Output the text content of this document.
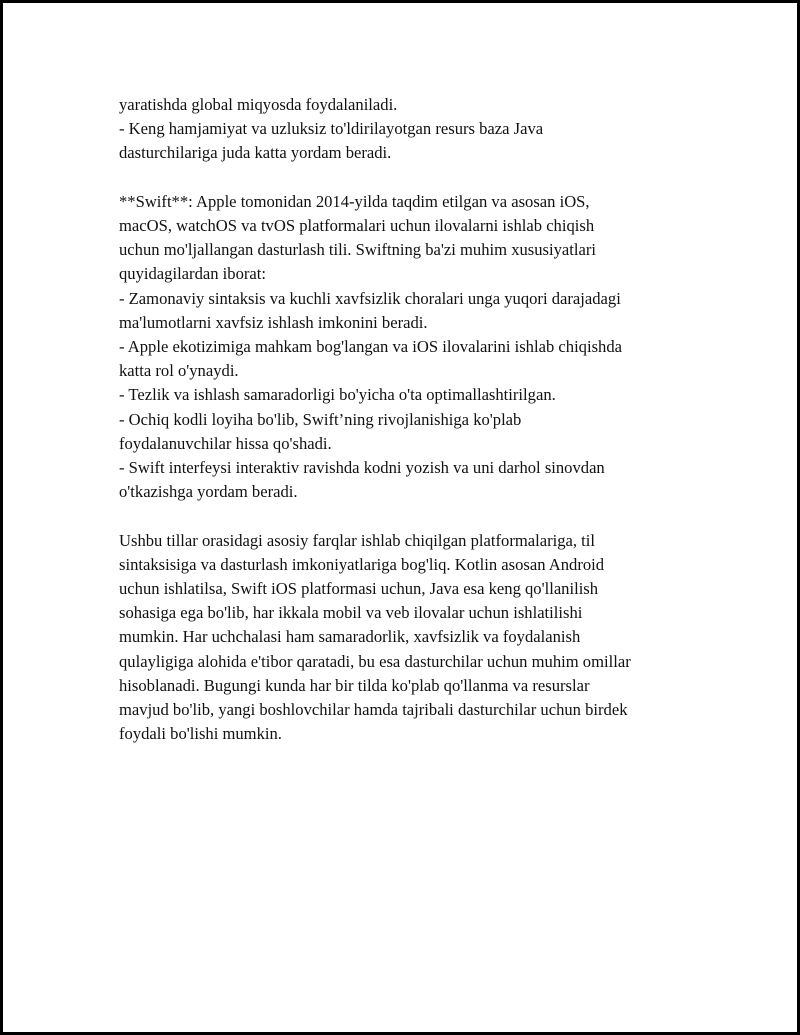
yaratishda global miqyosda foydalaniladi.
- Keng hamjamiyat va uzluksiz to'ldirilayotgan resurs baza Java
dasturchilariga juda katta yordam beradi.

**Swift**: Apple tomonidan 2014-yilda taqdim etilgan va asosan iOS,
macOS, watchOS va tvOS platformalari uchun ilovalarni ishlab chiqish
uchun mo'ljallangan dasturlash tili. Swiftning ba'zi muhim xususiyatlari
quyidagilardan iborat:
- Zamonaviy sintaksis va kuchli xavfsizlik choralari unga yuqori darajadagi
ma'lumotlarni xavfsiz ishlash imkonini beradi.
- Apple ekotizimiga mahkam bog'langan va iOS ilovalarini ishlab chiqishda
katta rol o'ynaydi.
- Tezlik va ishlash samaradorligi bo'yicha o'ta optimallashtirilgan.
- Ochiq kodli loyiha bo'lib, Swift’ning rivojlanishiga ko'plab
foydalanuvchilar hissa qo'shadi.
- Swift interfeysi interaktiv ravishda kodni yozish va uni darhol sinovdan
o'tkazishga yordam beradi.

Ushbu tillar orasidagi asosiy farqlar ishlab chiqilgan platformalariga, til
sintaksisiga va dasturlash imkoniyatlariga bog'liq. Kotlin asosan Android
uchun ishlatilsa, Swift iOS platformasi uchun, Java esa keng qo'llanilish
sohasiga ega bo'lib, har ikkala mobil va veb ilovalar uchun ishlatilishi
mumkin. Har uchchalasi ham samaradorlik, xavfsizlik va foydalanish
qulayligiga alohida e'tibor qaratadi, bu esa dasturchilar uchun muhim omillar
hisoblanadi. Bugungi kunda har bir tilda ko'plab qo'llanma va resurslar
mavjud bo'lib, yangi boshlovchilar hamda tajribali dasturchilar uchun birdek
foydali bo'lishi mumkin.
